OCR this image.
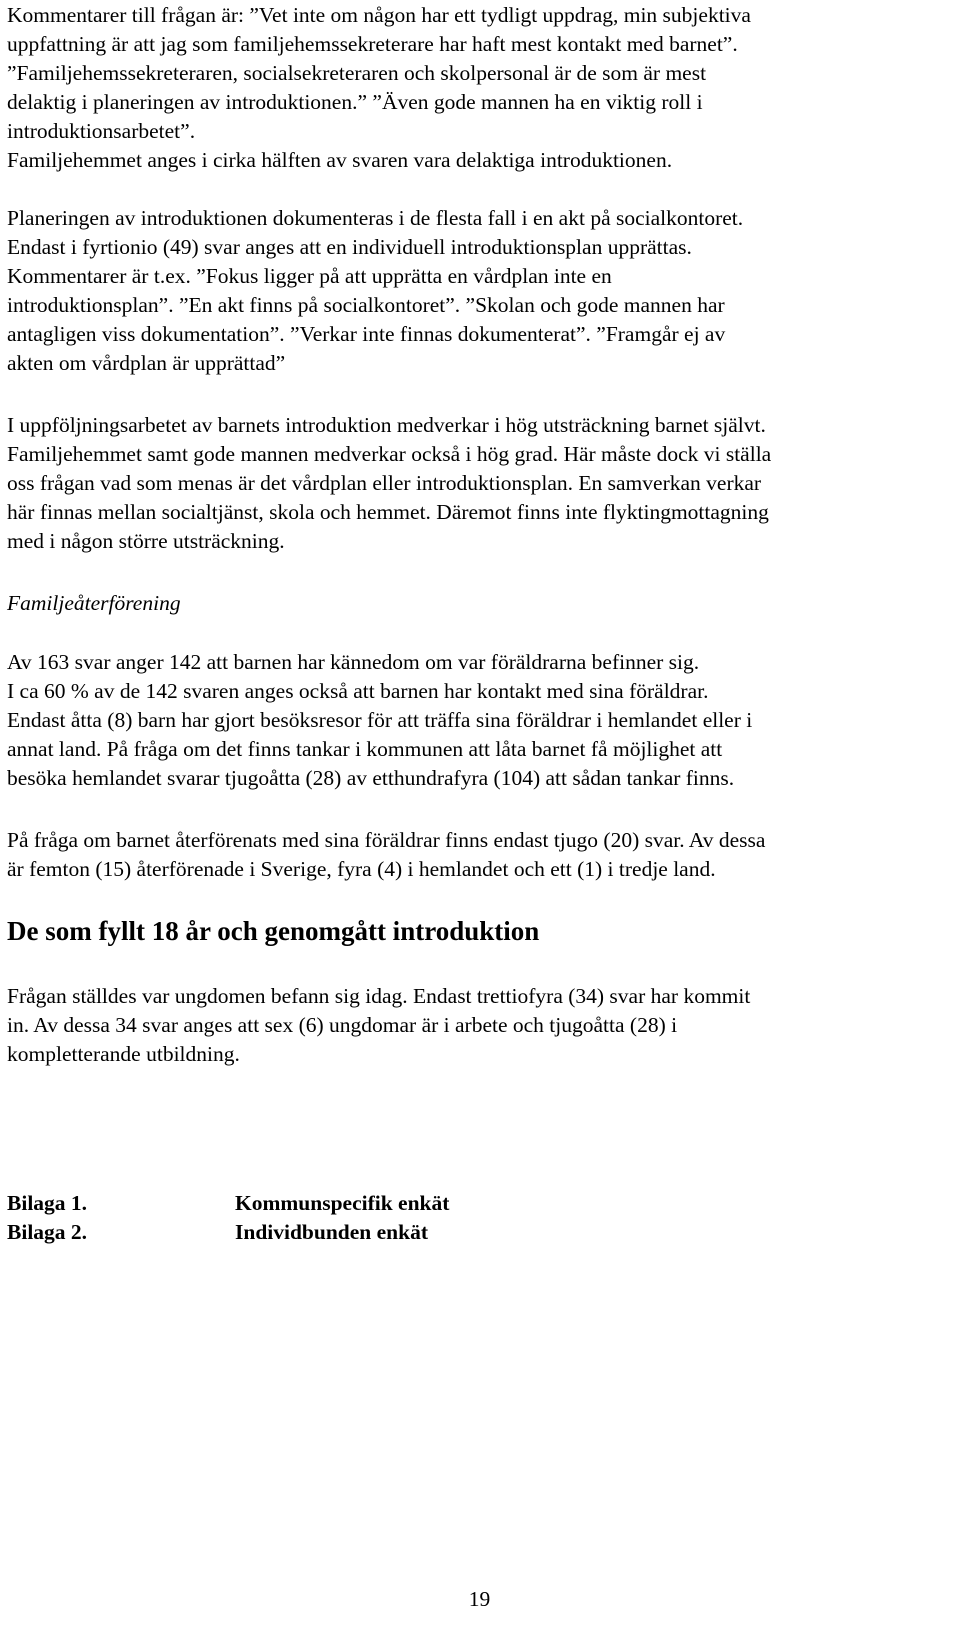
Kommentarer till frågan är: ”Vet inte om någon har ett tydligt uppdrag, min subjektiva
uppfattning är att jag som familjehemssekreterare har haft mest kontakt med barnet”.
”Familjehemssekreteraren, socialsekreteraren och skolpersonal är de som är mest
delaktig i planeringen av introduktionen.” ”Även gode mannen ha en viktig roll i
introduktionsarbetet”.
Familjehemmet anges i cirka hälften av svaren vara delaktiga introduktionen.
Planeringen av introduktionen dokumenteras i de flesta fall i en akt på socialkontoret.
Endast i fyrtionio (49) svar anges att en individuell introduktionsplan upprättas.
Kommentarer är t.ex. ”Fokus ligger på att upprätta en vårdplan inte en
introduktionsplan”. ”En akt finns på socialkontoret”. ”Skolan och gode mannen har
antagligen viss dokumentation”. ”Verkar inte finnas dokumenterat”. ”Framgår ej av
akten om vårdplan är upprättad”
I uppföljningsarbetet av barnets introduktion medverkar i hög utsträckning barnet självt.
Familjehemmet samt gode mannen medverkar också i hög grad. Här måste dock vi ställa
oss frågan vad som menas är det vårdplan eller introduktionsplan. En samverkan verkar
här finnas mellan socialtjänst, skola och hemmet. Däremot finns inte flyktingmottagning
med i någon större utsträckning.
Familjeåterförening
Av 163 svar anger 142 att barnen har kännedom om var föräldrarna befinner sig.
I ca 60 % av de 142 svaren anges också att barnen har kontakt med sina föräldrar.
Endast åtta (8) barn har gjort besöksresor för att träffa sina föräldrar i hemlandet eller i
annat land. På fråga om det finns tankar i kommunen att låta barnet få möjlighet att
besöka hemlandet svarar tjugoåtta (28) av etthundrafyra (104) att sådan tankar finns.
På fråga om barnet återförenats med sina föräldrar finns endast tjugo (20) svar. Av dessa
är femton (15) återförenade i Sverige, fyra (4) i hemlandet och ett (1) i tredje land.
De som fyllt 18 år och genomgått introduktion
Frågan ställdes var ungdomen befann sig idag. Endast trettiofyra (34) svar har kommit
in. Av dessa 34 svar anges att sex (6) ungdomar är i arbete och tjugoåtta (28) i
kompletterande utbildning.
Bilaga 1.	Kommunspecifik enkät
Bilaga 2.	Individbunden enkät
19
